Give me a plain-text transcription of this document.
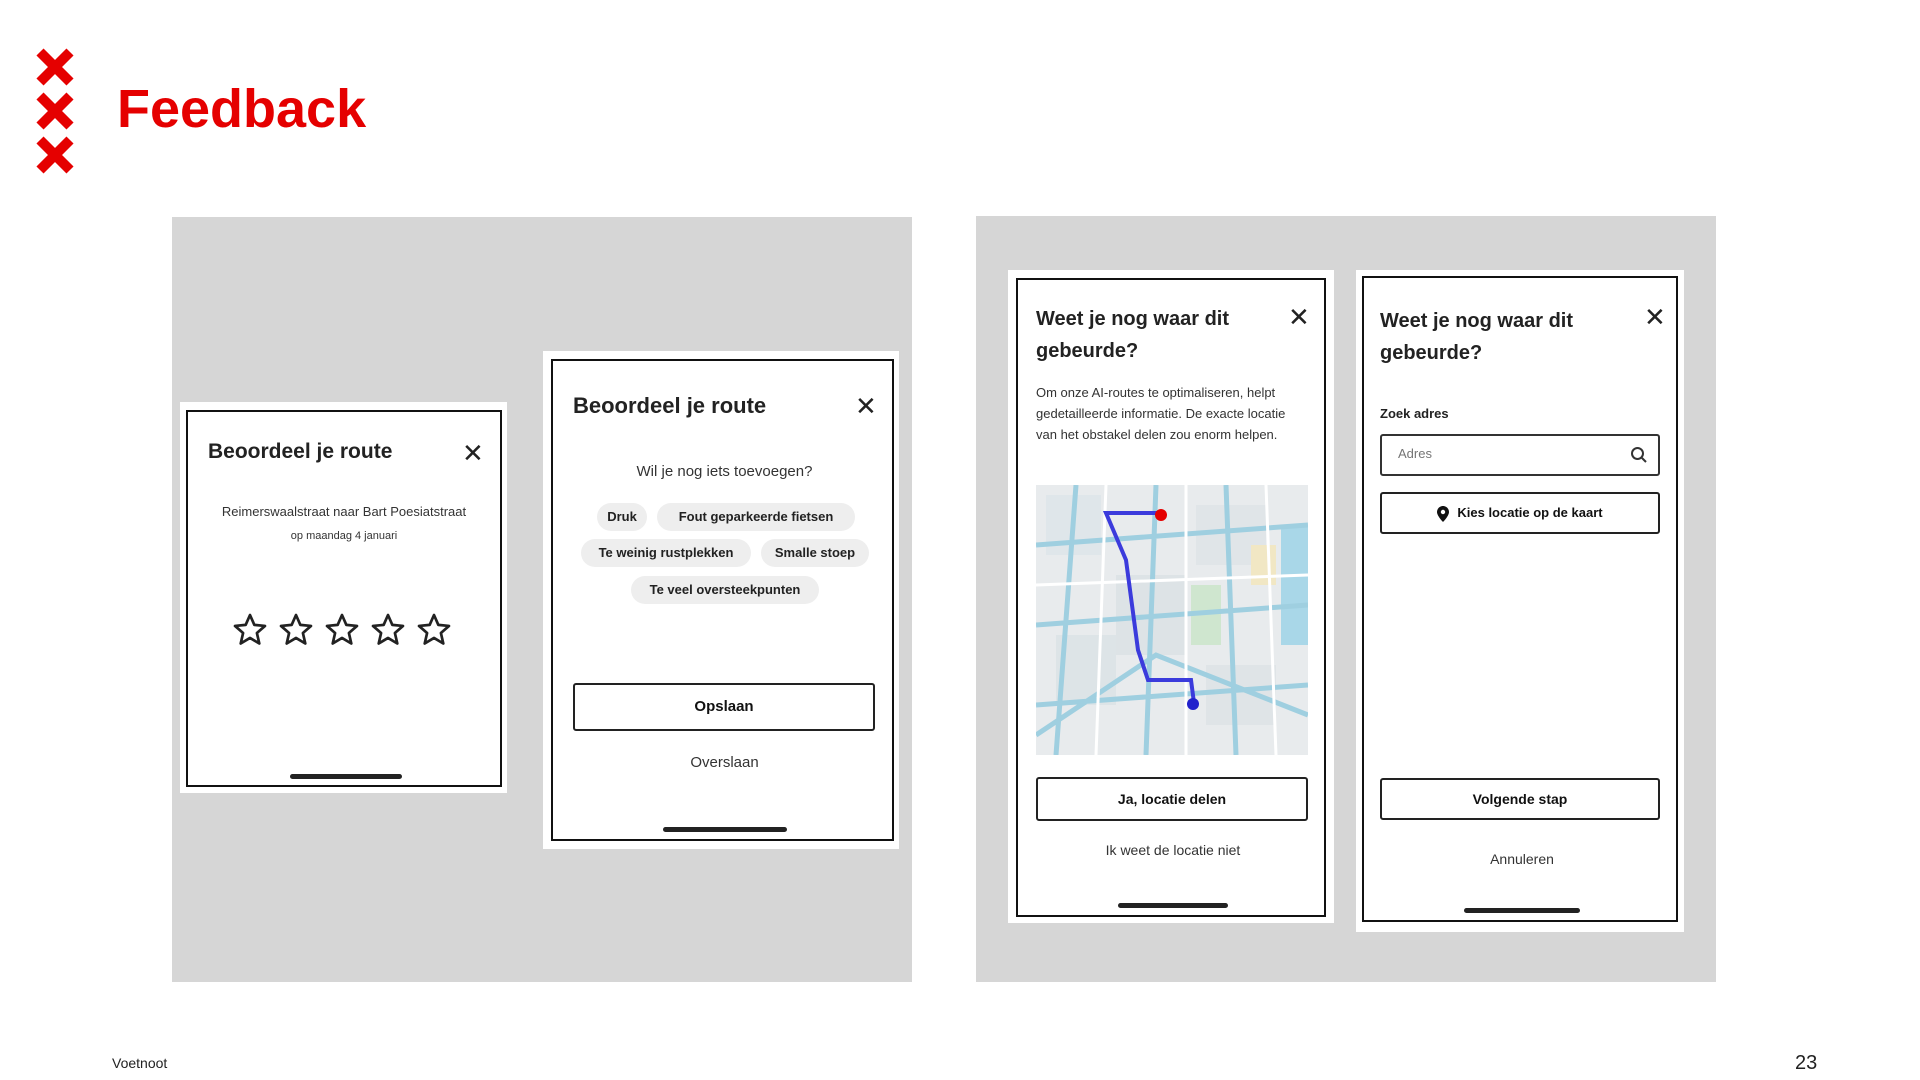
Feedback
Beoordeel je route	✕
Reimerswaalstraat naar Bart Poesiatstraat
op maandag 4 januari
Beoordeel je route	✕
Wil je nog iets toevoegen?
Druk	Fout geparkeerde fietsen
Te weinig rustplekken	Smalle stoep
Te veel oversteekpunten
Opslaan
Overslaan
Weet je nog waar dit
gebeurde?
✕
Om onze AI-routes te optimaliseren, helpt gedetailleerde informatie. De exacte locatie van het obstakel delen zou enorm helpen.
Ja, locatie delen
Ik weet de locatie niet
Weet je nog waar dit
gebeurde?
✕
Zoek adres
Adres
Kies locatie op de kaart
Volgende stap
Annuleren
Voetnoot	23
